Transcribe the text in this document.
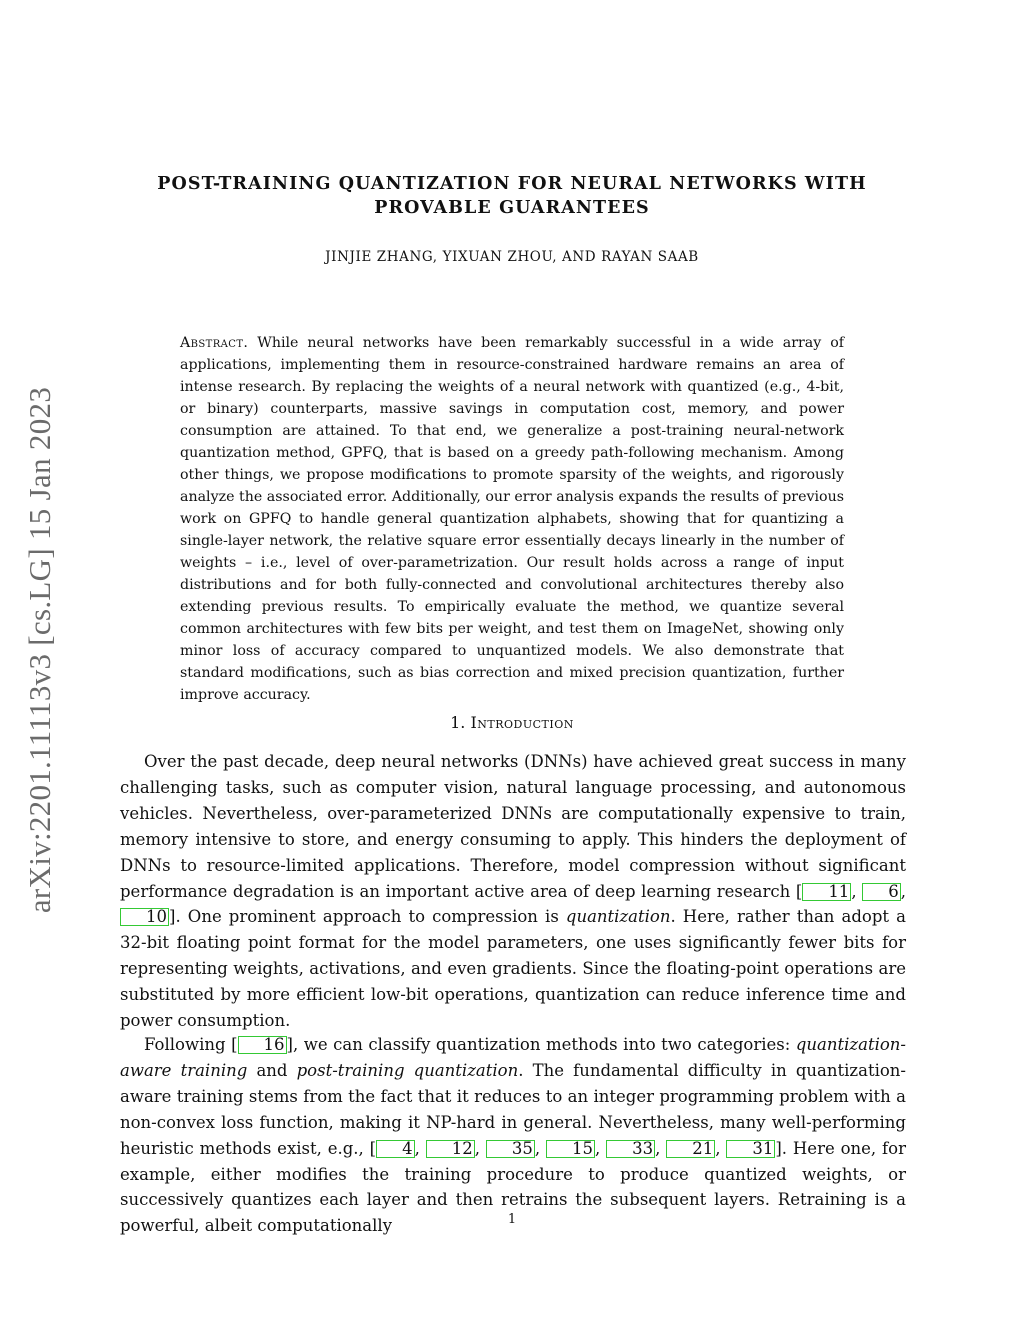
arXiv:2201.11113v3 [cs.LG] 15 Jan 2023
POST-TRAINING QUANTIZATION FOR NEURAL NETWORKS WITH
PROVABLE GUARANTEES
JINJIE ZHANG, YIXUAN ZHOU, AND RAYAN SAAB
Abstract. While neural networks have been remarkably successful in a wide array of applications, implementing them in resource-constrained hardware remains an area of intense research. By replacing the weights of a neural network with quantized (e.g., 4-bit, or binary) counterparts, massive savings in computation cost, memory, and power consumption are attained. To that end, we generalize a post-training neural-network quantization method, GPFQ, that is based on a greedy path-following mechanism. Among other things, we propose modifications to promote sparsity of the weights, and rigorously analyze the associated error. Additionally, our error analysis expands the results of previous work on GPFQ to handle general quantization alphabets, showing that for quantizing a single-layer network, the relative square error essentially decays linearly in the number of weights – i.e., level of over-parametrization. Our result holds across a range of input distributions and for both fully-connected and convolutional architectures thereby also extending previous results. To empirically evaluate the method, we quantize several common architectures with few bits per weight, and test them on ImageNet, showing only minor loss of accuracy compared to unquantized models. We also demonstrate that standard modifications, such as bias correction and mixed precision quantization, further improve accuracy.
1. Introduction

Over the past decade, deep neural networks (DNNs) have achieved great success in many challenging tasks, such as computer vision, natural language processing, and autonomous vehicles. Nevertheless, over-parameterized DNNs are computationally expensive to train, memory intensive to store, and energy consuming to apply. This hinders the deployment of DNNs to resource-limited applications. Therefore, model compression without significant performance degradation is an important active area of deep learning research [ 11 , 6 , 10 ]. One prominent approach to compression is quantization. Here, rather than adopt a 32-bit floating point format for the model parameters, one uses significantly fewer bits for representing weights, activations, and even gradients. Since the floating-point operations are substituted by more efficient low-bit operations, quantization can reduce inference time and power consumption.

Following [ 16 ], we can classify quantization methods into two categories: quantization-aware training and post-training quantization. The fundamental difficulty in quantization-aware training stems from the fact that it reduces to an integer programming problem with a non-convex loss function, making it NP-hard in general. Nevertheless, many well-performing heuristic methods exist, e.g., [ 4 , 12 , 35 , 15 , 33 , 21 , 31 ]. Here one, for example, either modifies the training procedure to produce quantized weights, or successively quantizes each layer and then retrains the subsequent layers. Retraining is a powerful, albeit computationally	1
